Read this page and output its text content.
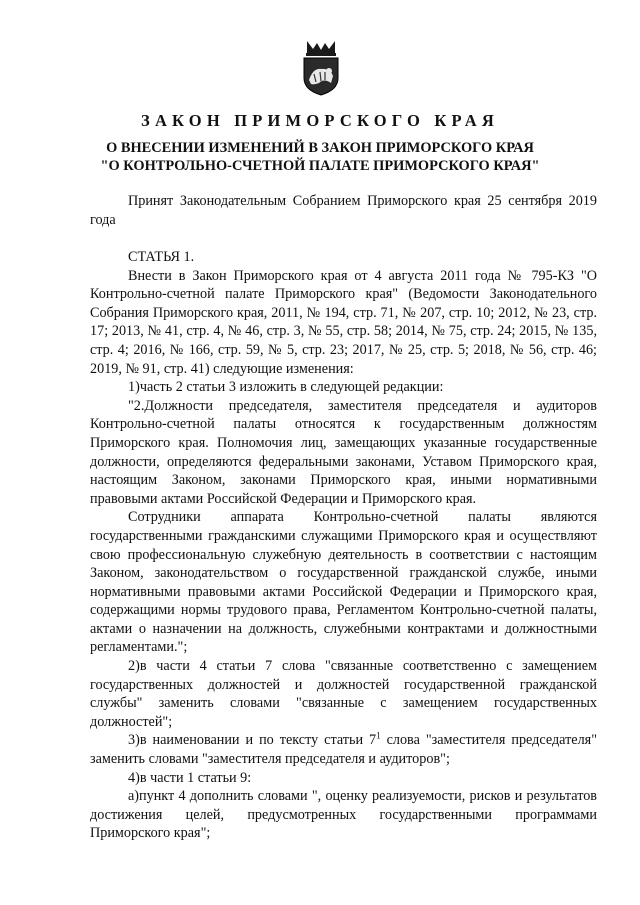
ЗАКОН ПРИМОРСКОГО КРАЯ
О ВНЕСЕНИИ ИЗМЕНЕНИЙ В ЗАКОН ПРИМОРСКОГО КРАЯ
"О КОНТРОЛЬНО-СЧЕТНОЙ ПАЛАТЕ ПРИМОРСКОГО КРАЯ"

Принят Законодательным Собранием Приморского края 25 сентября 2019 года

СТАТЬЯ 1.

Внести в Закон Приморского края от 4 августа 2011 года № 795-КЗ "О Контрольно-счетной палате Приморского края" (Ведомости Законодательного Собрания Приморского края, 2011, № 194, стр. 71, № 207, стр. 10; 2012, № 23, стр. 17; 2013, № 41, стр. 4, № 46, стр. 3, № 55, стр. 58; 2014, № 75, стр. 24; 2015, № 135, стр. 4; 2016, № 166, стр. 59, № 5, стр. 23; 2017, № 25, стр. 5; 2018, № 56, стр. 46; 2019, № 91, стр. 41) следующие изменения:

1)часть 2 статьи 3 изложить в следующей редакции:

"2.Должности председателя, заместителя председателя и аудиторов Контрольно-счетной палаты относятся к государственным должностям Приморского края. Полномочия лиц, замещающих указанные государственные должности, определяются федеральными законами, Уставом Приморского края, настоящим Законом, законами Приморского края, иными нормативными правовыми актами Российской Федерации и Приморского края.

Сотрудники аппарата Контрольно-счетной палаты являются государственными гражданскими служащими Приморского края и осуществляют свою профессиональную служебную деятельность в соответствии с настоящим Законом, законодательством о государственной гражданской службе, иными нормативными правовыми актами Российской Федерации и Приморского края, содержащими нормы трудового права, Регламентом Контрольно-счетной палаты, актами о назначении на должность, служебными контрактами и должностными регламентами.";

2)в части 4 статьи 7 слова "связанные соответственно с замещением государственных должностей и должностей государственной гражданской службы" заменить словами "связанные с замещением государственных должностей";

3)в наименовании и по тексту статьи $7^1$ слова "заместителя председателя" заменить словами "заместителя председателя и аудиторов";

4)в части 1 статьи 9:

а)пункт 4 дополнить словами ", оценку реализуемости, рисков и результатов достижения целей, предусмотренных государственными программами Приморского края";
